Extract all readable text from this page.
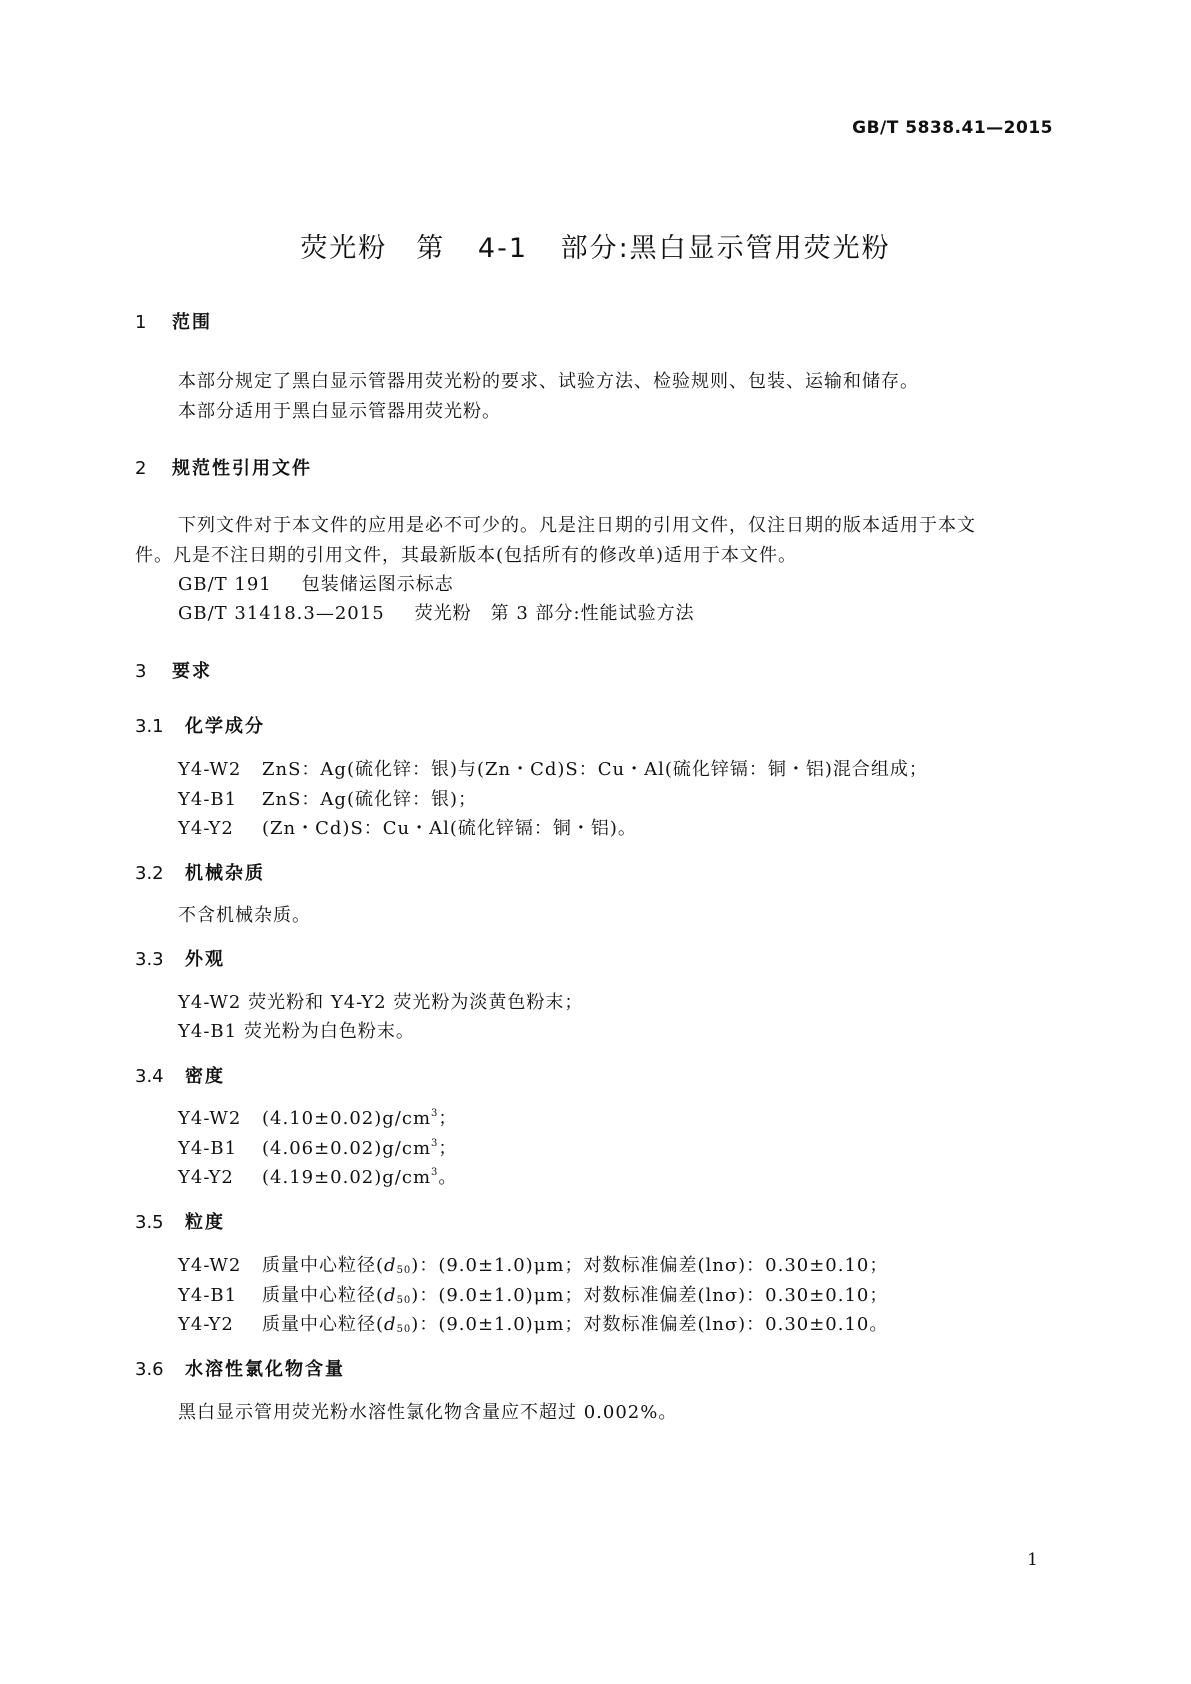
GB/T 5838.41—2015
荧光粉　第 4-1 部分:黑白显示管用荧光粉
1 范围
本部分规定了黑白显示管器用荧光粉的要求、试验方法、检验规则、包装、运输和储存。
本部分适用于黑白显示管器用荧光粉。
2 规范性引用文件
下列文件对于本文件的应用是必不可少的。凡是注日期的引用文件，仅注日期的版本适用于本文
件。凡是不注日期的引用文件，其最新版本(包括所有的修改单)适用于本文件。
GB/T 191 包装储运图示标志
GB/T 31418.3—2015 荧光粉　第 3 部分:性能试验方法
3 要求
3.1 化学成分
Y4-W2 ZnS：Ag(硫化锌：银)与(Zn・Cd)S：Cu・Al(硫化锌镉：铜・铝)混合组成；
Y4-B1 ZnS：Ag(硫化锌：银)；
Y4-Y2 (Zn・Cd)S：Cu・Al(硫化锌镉：铜・铝)。
3.2 机械杂质
不含机械杂质。
3.3 外观
Y4-W2 荧光粉和 Y4-Y2 荧光粉为淡黄色粉末；
Y4-B1 荧光粉为白色粉末。
3.4 密度
Y4-W2 $(4.10\pm 0.02)g/cm^3$；
Y4-B1 $(4.06\pm 0.02)g/cm^3$；
Y4-Y2 $(4.19\pm 0.02)g/cm^3$。
3.5 粒度
Y4-W2 质量中心粒径$(d_{50})$：(9.0±1.0)μm；对数标准偏差(lnσ)：0.30±0.10；
Y4-B1 质量中心粒径$(d_{50})$：(9.0±1.0)μm；对数标准偏差(lnσ)：0.30±0.10；
Y4-Y2 质量中心粒径$(d_{50})$：(9.0±1.0)μm；对数标准偏差(lnσ)：0.30±0.10。
3.6 水溶性氯化物含量
黑白显示管用荧光粉水溶性氯化物含量应不超过 0.002%。
1
